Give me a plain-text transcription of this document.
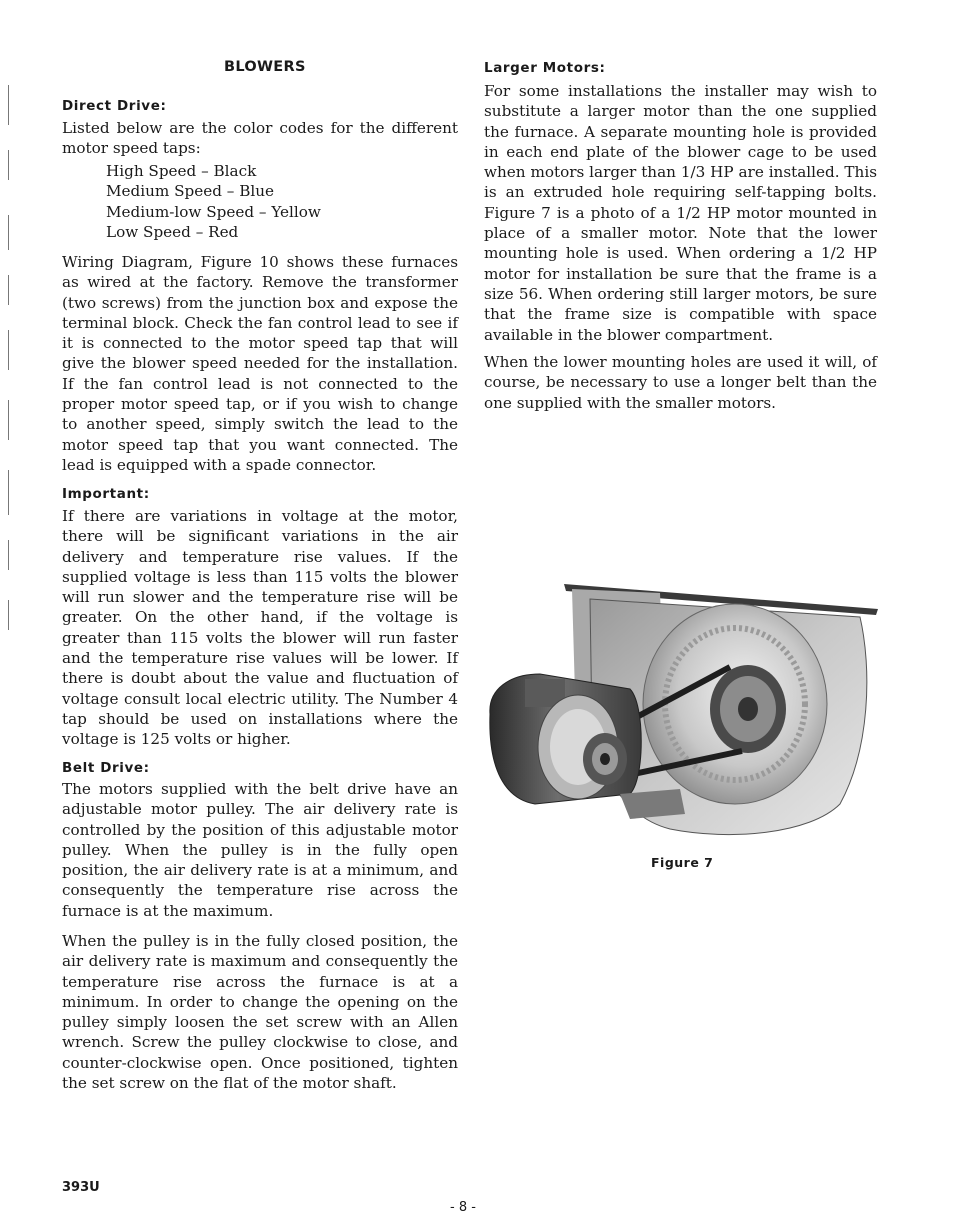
BLOWERS
Direct Drive:

Listed below are the color codes for the different motor speed taps:

High Speed – Black
Medium Speed – Blue
Medium-low Speed – Yellow
Low Speed – Red

Wiring Diagram, Figure 10 shows these furnaces as wired at the factory. Remove the transformer (two screws) from the junction box and expose the terminal block. Check the fan control lead to see if it is connected to the motor speed tap that will give the blower speed needed for the installation. If the fan control lead is not connected to the proper motor speed tap, or if you wish to change to another speed, simply switch the lead to the motor speed tap that you want connected. The lead is equipped with a spade connector.

Important:

If there are variations in voltage at the motor, there will be significant variations in the air delivery and temperature rise values. If the supplied voltage is less than 115 volts the blower will run slower and the temperature rise will be greater. On the other hand, if the voltage is greater than 115 volts the blower will run faster and the temperature rise values will be lower. If there is doubt about the value and fluctuation of voltage consult local electric utility. The Number 4 tap should be used on installations where the voltage is 125 volts or higher.

Belt Drive:

The motors supplied with the belt drive have an adjustable motor pulley. The air delivery rate is controlled by the position of this adjustable motor pulley. When the pulley is in the fully open position, the air delivery rate is at a minimum, and consequently the temperature rise across the furnace is at the maximum.

When the pulley is in the fully closed position, the air delivery rate is maximum and consequently the temperature rise across the furnace is at a minimum. In order to change the opening on the pulley simply loosen the set screw with an Allen wrench. Screw the pulley clockwise to close, and counter-clockwise open. Once positioned, tighten the set screw on the flat of the motor shaft.

Larger Motors:

For some installations the installer may wish to substitute a larger motor than the one supplied the furnace. A separate mounting hole is provided in each end plate of the blower cage to be used when motors larger than 1/3 HP are installed. This is an extruded hole requiring self-tapping bolts. Figure 7 is a photo of a 1/2 HP motor mounted in place of a smaller motor. Note that the lower mounting hole is used. When ordering a 1/2 HP motor for installation be sure that the frame is a size 56. When ordering still larger motors, be sure that the frame size is compatible with space available in the blower compartment.

When the lower mounting holes are used it will, of course, be necessary to use a longer belt than the one supplied with the smaller motors.

Figure 7
393U
- 8 -
